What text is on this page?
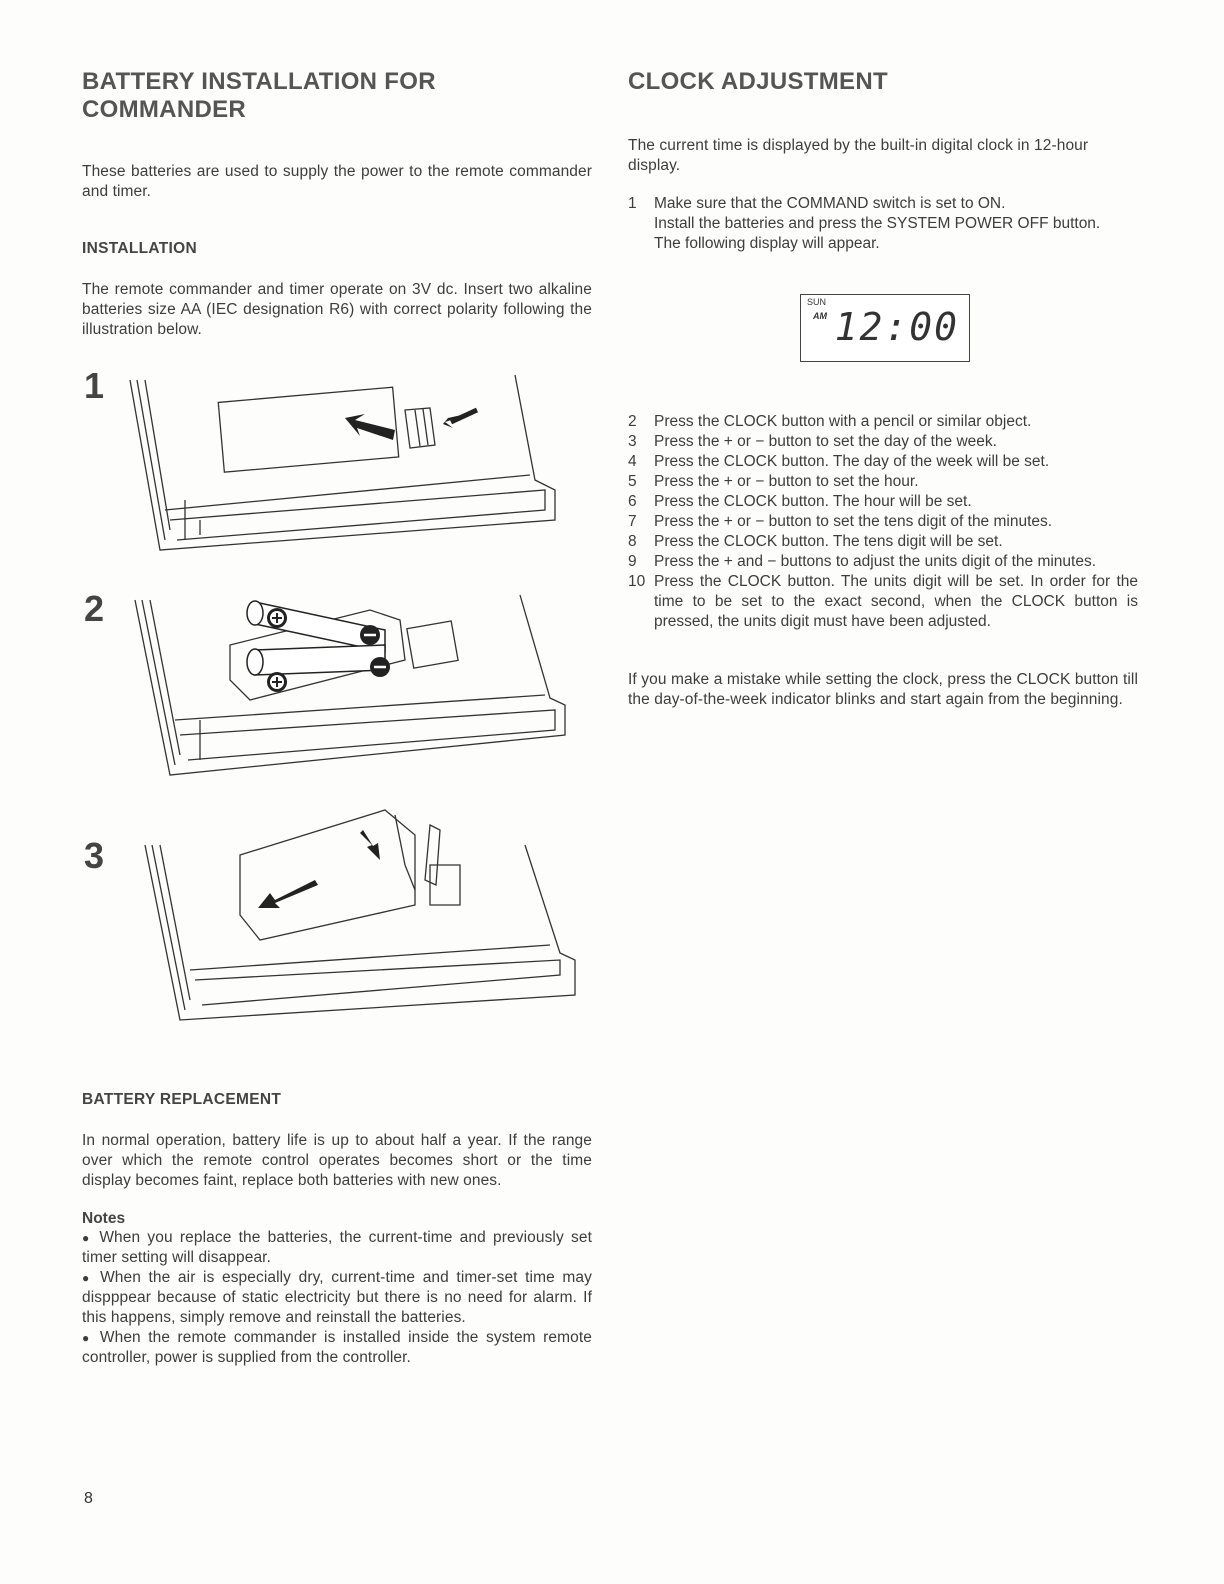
BATTERY INSTALLATION FOR
COMMANDER

These batteries are used to supply the power to the remote commander and timer.

INSTALLATION

The remote commander and timer operate on 3V dc. Insert two alkaline batteries size AA (IEC designation R6) with correct polarity following the illustration below.

1
2
3
BATTERY REPLACEMENT

In normal operation, battery life is up to about half a year. If the range over which the remote control operates becomes short or the time display becomes faint, replace both batteries with new ones.

Notes

● When you replace the batteries, the current-time and previously set timer setting will disappear.

● When the air is especially dry, current-time and timer-set time may dispppear because of static electricity but there is no need for alarm. If this happens, simply remove and reinstall the batteries.

● When the remote commander is installed inside the system remote controller, power is supplied from the controller.

8
CLOCK ADJUSTMENT

The current time is displayed by the built-in digital clock in 12-hour display.

1	Make sure that the COMMAND switch is set to ON.
Install the batteries and press the SYSTEM POWER OFF button.
The following display will appear.
SUN
AM 12:00
2	Press the CLOCK button with a pencil or similar object.
3	Press the + or − button to set the day of the week.
4	Press the CLOCK button. The day of the week will be set.
5	Press the + or − button to set the hour.
6	Press the CLOCK button. The hour will be set.
7	Press the + or − button to set the tens digit of the minutes.
8	Press the CLOCK button. The tens digit will be set.
9	Press the + and − buttons to adjust the units digit of the minutes.
10 Press the CLOCK button. The units digit will be set. In order for the time to be set to the exact second, when the CLOCK button is pressed, the units digit must have been adjusted.

If you make a mistake while setting the clock, press the CLOCK button till the day-of-the-week indicator blinks and start again from the beginning.
